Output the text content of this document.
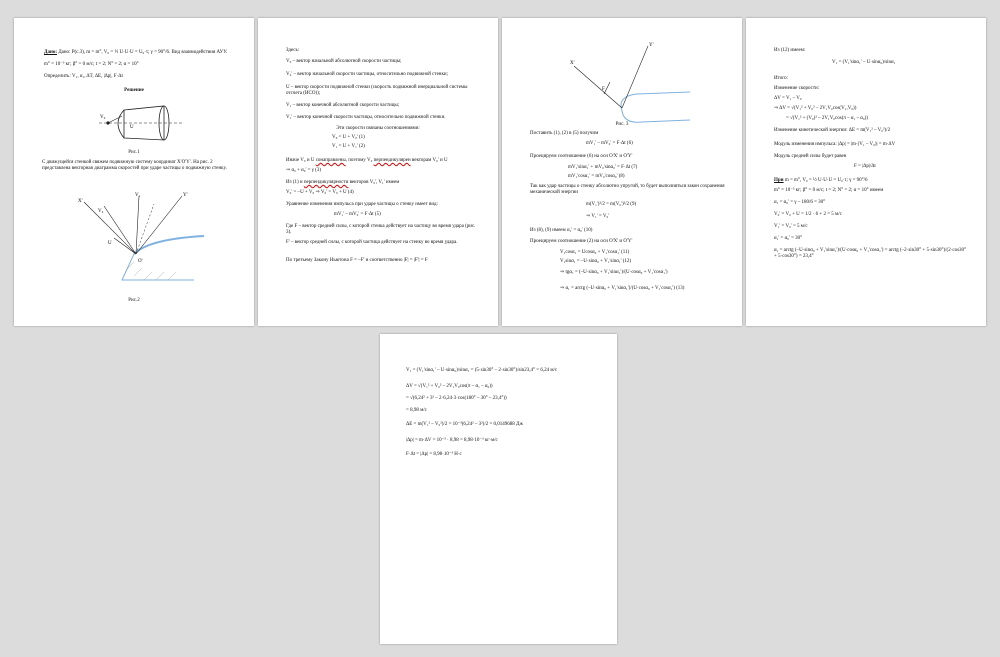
Дано: Дано: Р(с.3), m = m°, V₀ = ½ U·U·U = U₀·τ; γ = 90°/6. Вид взаимодействия АУУ.
m° = 10⁻³ кг; β° = 0 м/с; t = 2; N° = 2; α = 10°
Определить: V₁, α₁, ΔT, ΔE, |Δp|, F·Δt
Решение
V₀
U
Рис.1
С движущейся стенкой свяжем подвижную систему координат X'O'Y'. На рис. 2 представлена векторная диаграмма скоростей при ударе частицы о подвижную стенку.
X'
Y'
V₀
V₁
U
O'
Рис.2
Здесь:
V₀ – вектор начальной абсолютной скорости частицы;
V₀' – вектор начальной скорости частицы, относительно подвижной стенки;
U – вектор скорости подвижной стенки (скорость подвижной инерциальной системы отсчета (ИСО));
V₁ – вектор конечной абсолютной скорости частицы;
V₁' – вектор конечной скорости частицы, относительно подвижной стенки.
Эти скорости связаны соотношениями:
V₀ = U + V₀' (1)
V₁ = U + V₁' (2)
Иначе V₀ и U сонаправлены, поэтому V₀ перпендикулярен векторам V₀' и U
⇒ α₀ + α₀' = γ (3)
Из (1) и перпендикулярности векторов V₀', V₁' имеем
V₀' = –U + V₀ ⇒ V₀' = V₀ + U (4)
Уравнение изменения импульса при ударе частицы о стенку имеет вид:
mV₁' – mV₀' = F·Δt (5)
Где F – вектор средней силы, с которой стенка действует на частицу во время удара (рис. 3).
F' – вектор средней силы, с которой частица действует на стенку во время удара.
По третьему Закону Ньютона F = –F' и соответственно |F| = |F'| = F
X'
Y'
F
Рис. 3
Поставить (1), (2) в (5) получим
mV₁' – mV₀' = F·Δt (6)
Проецируем соотношение (6) на оси O'X' и O'Y'
mV₁'sinα₁' + mV₀'sinα₀' = F·Δt (7)
mV₁'cosα₁' = mV₀'cosα₀' (8)
Так как удар частицы о стенку абсолютно упругий, то будет выполняться закон сохранения механической энергии
m(V₁')²/2 = m(V₀')²/2 (9)
⇒ V₁' = V₀'
Из (8), (9) имеем α₁' = α₀' (10)
Проецируем соотношение (2) на оси O'X' и O'Y'
V₁cosα₁ = Ucosα₀ + V₁'cosα₁' (11)
V₁sinα₁ = –U·sinα₀ + V₁'sinα₁' (12)
⇒ tgα₁ = (–U·sinα₀ + V₁'sinα₁')/(U·cosα₀ + V₁'cosα₁')
⇒ α₁ = arctg (–U·sinα₀ + V₁'sinα₁')/(U·cosα₀ + V₁'cosα₁') (13)
Из (12) имеем:
V₁ = (V₁'sinα₁' – U·sinα₀)/sinα₁
Итого:
Изменение скорости:
ΔV = V₁ – V₀
⇒ ΔV = √(V₁² + V₀² – 2V₁V₀cos(V₁,V₀))
= √(V₁² + (V₀)² – 2V₁V₀cos(π – α₁ – α₀))
Изменение кинетической энергии: ΔE = m(V₁² – V₀²)/2
Модуль изменения импульса: |Δp| = |m·(V₁ – V₀)| = m·ΔV
Модуль средней силы будет равен
F = |Δp|/Δt
При m = m°, V₀ = ½ U·U·U = U₀·τ; γ = 90°/6
m° = 10⁻³ кг; β° = 0 м/с; t = 2; N° = 2; α = 10° имеем
α₁ = α₀' = γ – 180/6 = 30°
V₀' = V₀ + U = 1/2 · 6 + 2 = 5 м/с
V₁' = V₀' = 5 м/с
α₁' = α₀' = 30°
α₁ = arctg (–U·sinα₀ + V₁'sinα₁')/(U·cosα₀ + V₁'cosα₁') = arctg (–2·sin30° + 5·sin30°)/(2·cos30° + 5·cos30°) = 23,4°
V₁ = (V₁'sinα₁' – U·sinα₀)/sinα₁ = (5·sin30° – 2·sin30°)/sin23,4° = 6,24 м/с
ΔV = √(V₁² + V₀² – 2V₁V₀cos(π – α₁ – α₀))
= √(6,24² + 3² – 2·6,24·3·cos(180° – 30° – 23,4°))
= 8,98 м/с
ΔE = m(V₁² – V₀²)/2 = 10⁻³(6,24² – 3²)/2 = 0,0149688 Дж
|Δp| = m·ΔV = 10⁻³ · 8,98 = 8,98·10⁻³ кг·м/с
F·Δt = |Δp| = 8,98·10⁻³ Н·с
